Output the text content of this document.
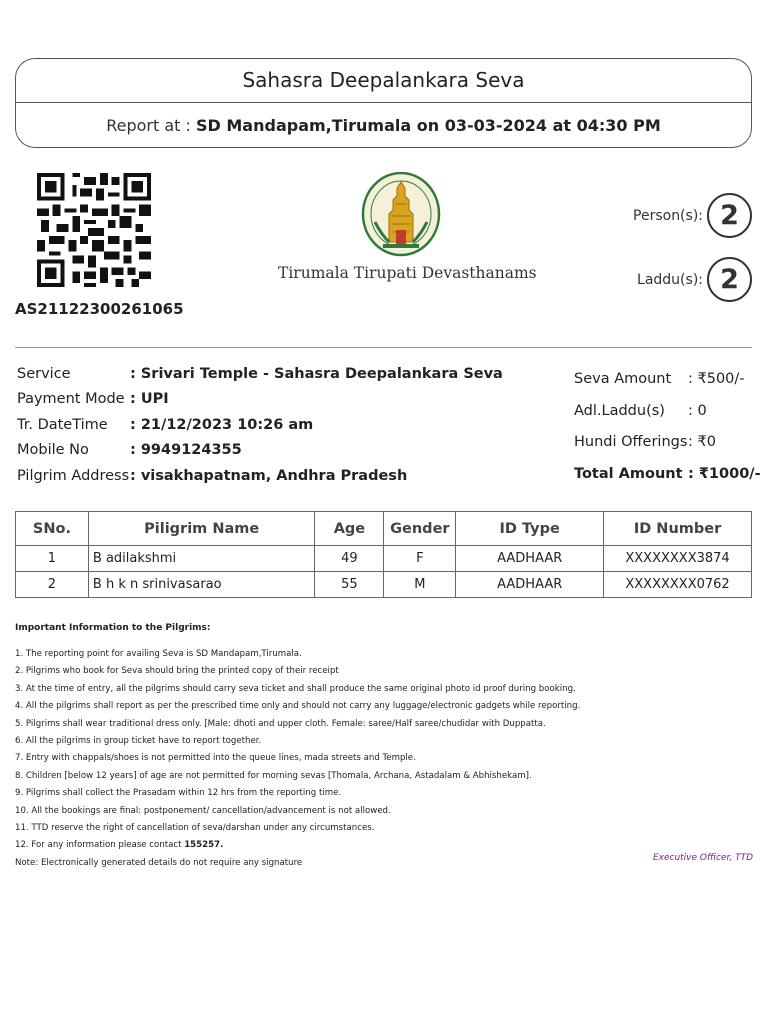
Sahasra Deepalankara Seva
Report at : SD Mandapam,Tirumala on 03-03-2024 at 04:30 PM
AS21122300261065
Tirumala Tirupati Devasthanams
Person(s): 2
Laddu(s): 2
Service	: Srivari Temple - Sahasra Deepalankara Seva
Payment Mode : UPI
Tr. DateTime	: 21/12/2023 10:26 am
Mobile No	: 9949124355
Pilgrim Address : visakhapatnam, Andhra Pradesh
Seva Amount	: ₹500/-
Adl.Laddu(s)	: 0
Hundi Offerings : ₹0
Total Amount : ₹1000/-
SNo.	Piligrim Name	Age	Gender	ID Type	ID Number
1	B adilakshmi	49	F	AADHAAR	XXXXXXXX3874
2	B h k n srinivasarao	55	M	AADHAAR	XXXXXXXX0762
Important Information to the Pilgrims:
1. The reporting point for availing Seva is SD Mandapam,Tirumala.
2. Pilgrims who book for Seva should bring the printed copy of their receipt
3. At the time of entry, all the pilgrims should carry seva ticket and shall produce the same original photo id proof during booking.
4. All the pilgrims shall report as per the prescribed time only and should not carry any luggage/electronic gadgets while reporting.
5. Pilgrims shall wear traditional dress only. [Male: dhoti and upper cloth. Female: saree/Half saree/chudidar with Duppatta.
6. All the pilgrims in group ticket have to report together.
7. Entry with chappals/shoes is not permitted into the queue lines, mada streets and Temple.
8. Children [below 12 years] of age are not permitted for morning sevas [Thomala, Archana, Astadalam & Abhishekam].
9. Pilgrims shall collect the Prasadam within 12 hrs from the reporting time.
10. All the bookings are final: postponement/ cancellation/advancement is not allowed.
11. TTD reserve the right of cancellation of seva/darshan under any circumstances.
12. For any information please contact 155257.
Note: Electronically generated details do not require any signature	Executive Officer, TTD
